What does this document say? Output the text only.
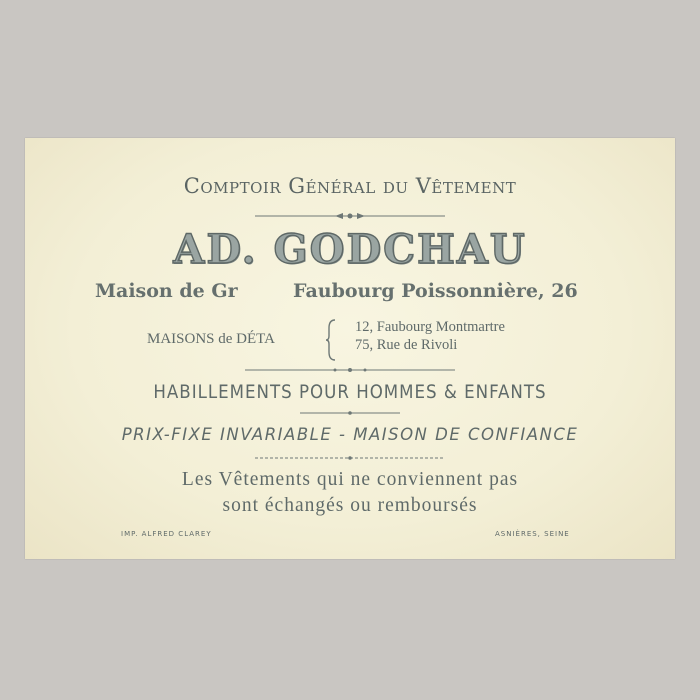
Comptoir Général du Vêtement
AD. GODCHAU
Maison de Gr	Faubourg Poissonnière, 26
MAISONS de DÉTA
12, Faubourg Montmartre
75, Rue de Rivoli
HABILLEMENTS POUR HOMMES & ENFANTS
PRIX-FIXE INVARIABLE - MAISON DE CONFIANCE
Les Vêtements qui ne conviennent pas
sont échangés ou remboursés
IMP. ALFRED CLAREY	ASNIÈRES, SEINE
